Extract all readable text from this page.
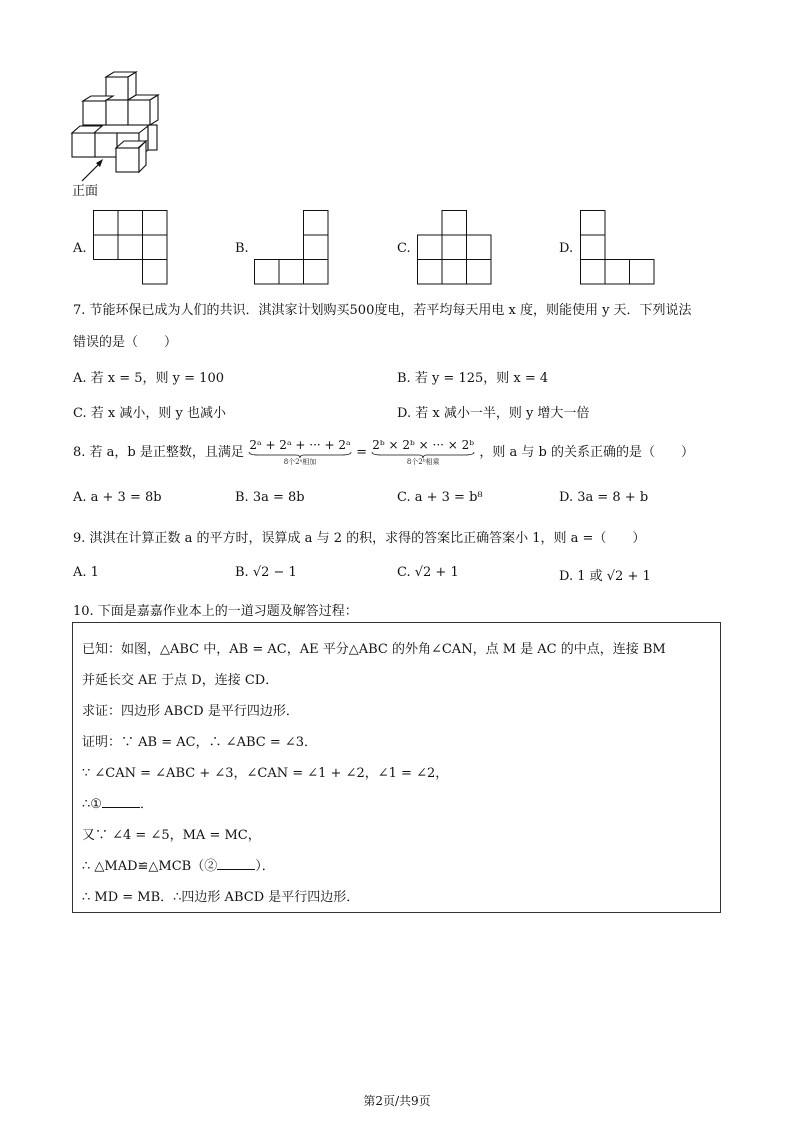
正面
A.	B.	C.	D.
7. 节能环保已成为人们的共识．淇淇家计划购买500度电，若平均每天用电 x 度，则能使用 y 天．下列说法
错误的是（　　）
A. 若 x = 5，则 y = 100	B. 若 y = 125，则 x = 4
C. 若 x 减小，则 y 也减小	D. 若 x 减小一半，则 y 增大一倍
8. 若 a，b 是正整数，且满足 2ᵃ + 2ᵃ + ··· + 2ᵃ
8个2ᵃ相加
= 2ᵇ × 2ᵇ × ··· × 2ᵇ
8个2ᵇ相乘
，则 a 与 b 的关系正确的是（　　）
A. a + 3 = 8b	B. 3a = 8b	C. a + 3 = b⁸	D. 3a = 8 + b
9. 淇淇在计算正数 a 的平方时，误算成 a 与 2 的积，求得的答案比正确答案小 1，则 a =（　　）
A. 1	B. √2 − 1	C. √2 + 1	D. 1 或 √2 + 1
10. 下面是嘉嘉作业本上的一道习题及解答过程：
已知：如图，△ABC 中，AB = AC，AE 平分△ABC 的外角∠CAN，点 M 是 AC 的中点，连接 BM
并延长交 AE 于点 D，连接 CD．
求证：四边形 ABCD 是平行四边形．
证明：∵ AB = AC，∴ ∠ABC = ∠3．
∵ ∠CAN = ∠ABC + ∠3，∠CAN = ∠1 + ∠2，∠1 = ∠2，
∴①	．
又∵ ∠4 = ∠5，MA = MC，
∴ △MAD≌△MCB（②	）．
∴ MD = MB．∴四边形 ABCD 是平行四边形．
第2页/共9页
